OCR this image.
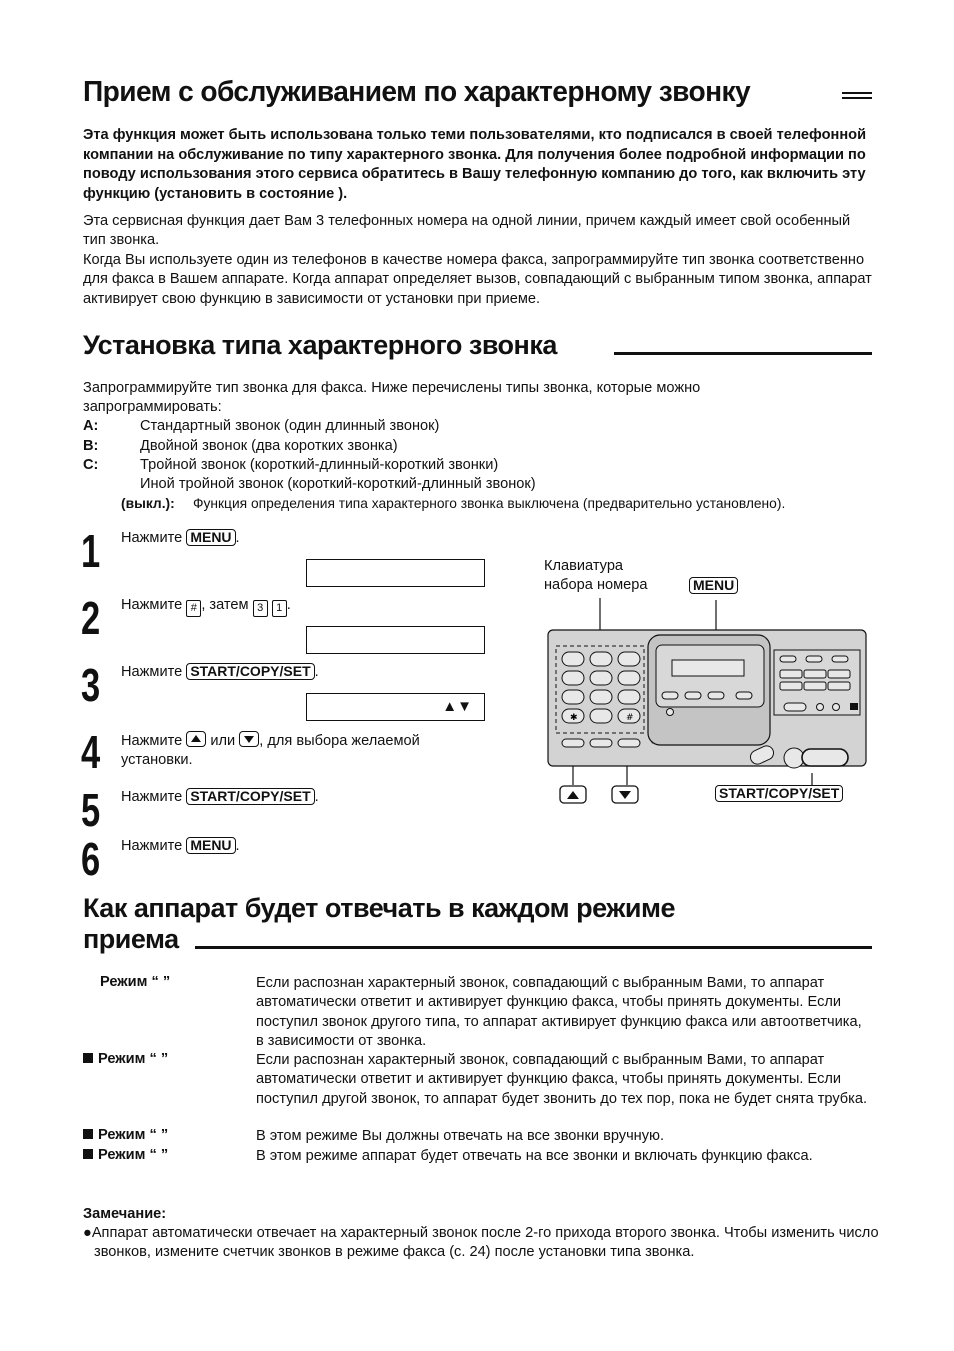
Прием с обслуживанием по характерному звонку
Эта функция может быть использована только теми пользователями, кто подписался в своей телефонной компании на обслуживание по типу характерного звонка. Для получения более подробной информации по поводу использования этого сервиса обратитесь в Вашу телефонную компанию до того, как включить эту функцию (установить в состояние ).
Эта сервисная функция дает Вам 3 телефонных номера на одной линии, причем каждый имеет свой особенный тип звонка.
Когда Вы используете один из телефонов в качестве номера факса, запрограммируйте тип звонка соответственно для факса в Вашем аппарате. Когда аппарат определяет вызов, совпадающий с выбранным типом звонка, аппарат активирует свою функцию в зависимости от установки при приеме.
Установка типа характерного звонка
Запрограммируйте тип звонка для факса. Ниже перечислены типы звонка, которые можно запрограммировать:
A:	Стандартный звонок (один длинный звонок)
B:	Двойной звонок (два коротких звонка)
C:	Тройной звонок (короткий-длинный-короткий звонки)
Иной тройной звонок (короткий-короткий-длинный звонок)
(выкл.): Функция определения типа характерного звонка выключена (предварительно установлено).
1 Нажмите MENU .
2 Нажмите # , затем 3 1 .
3 Нажмите START/COPY/SET .
▲▼
4 Нажмите или , для выбора желаемой
установки.
5 Нажмите START/COPY/SET .
6 Нажмите MENU .
Клавиатура
набора номера	MENU
START/COPY/SET
✱	#
Как аппарат будет отвечать в каждом режиме
приема
Режим “ ”	Если распознан характерный звонок, совпадающий с выбранным Вами, то аппарат автоматически ответит и активирует функцию факса, чтобы принять документы. Если поступил звонок другого типа, то аппарат активирует функцию факса или автоответчика, в зависимости от звонка.
Режим “ ”	Если распознан характерный звонок, совпадающий с выбранным Вами, то аппарат автоматически ответит и активирует функцию факса, чтобы принять документы. Если поступил другой звонок, то аппарат будет звонить до тех пор, пока не будет снята трубка.
Режим “ ”	В этом режиме Вы должны отвечать на все звонки вручную.
Режим “ ”	В этом режиме аппарат будет отвечать на все звонки и включать функцию факса.
Замечание:
●Аппарат автоматически отвечает на характерный звонок после 2-го прихода второго звонка. Чтобы изменить число звонков, измените счетчик звонков в режиме факса (с. 24) после установки типа звонка.
